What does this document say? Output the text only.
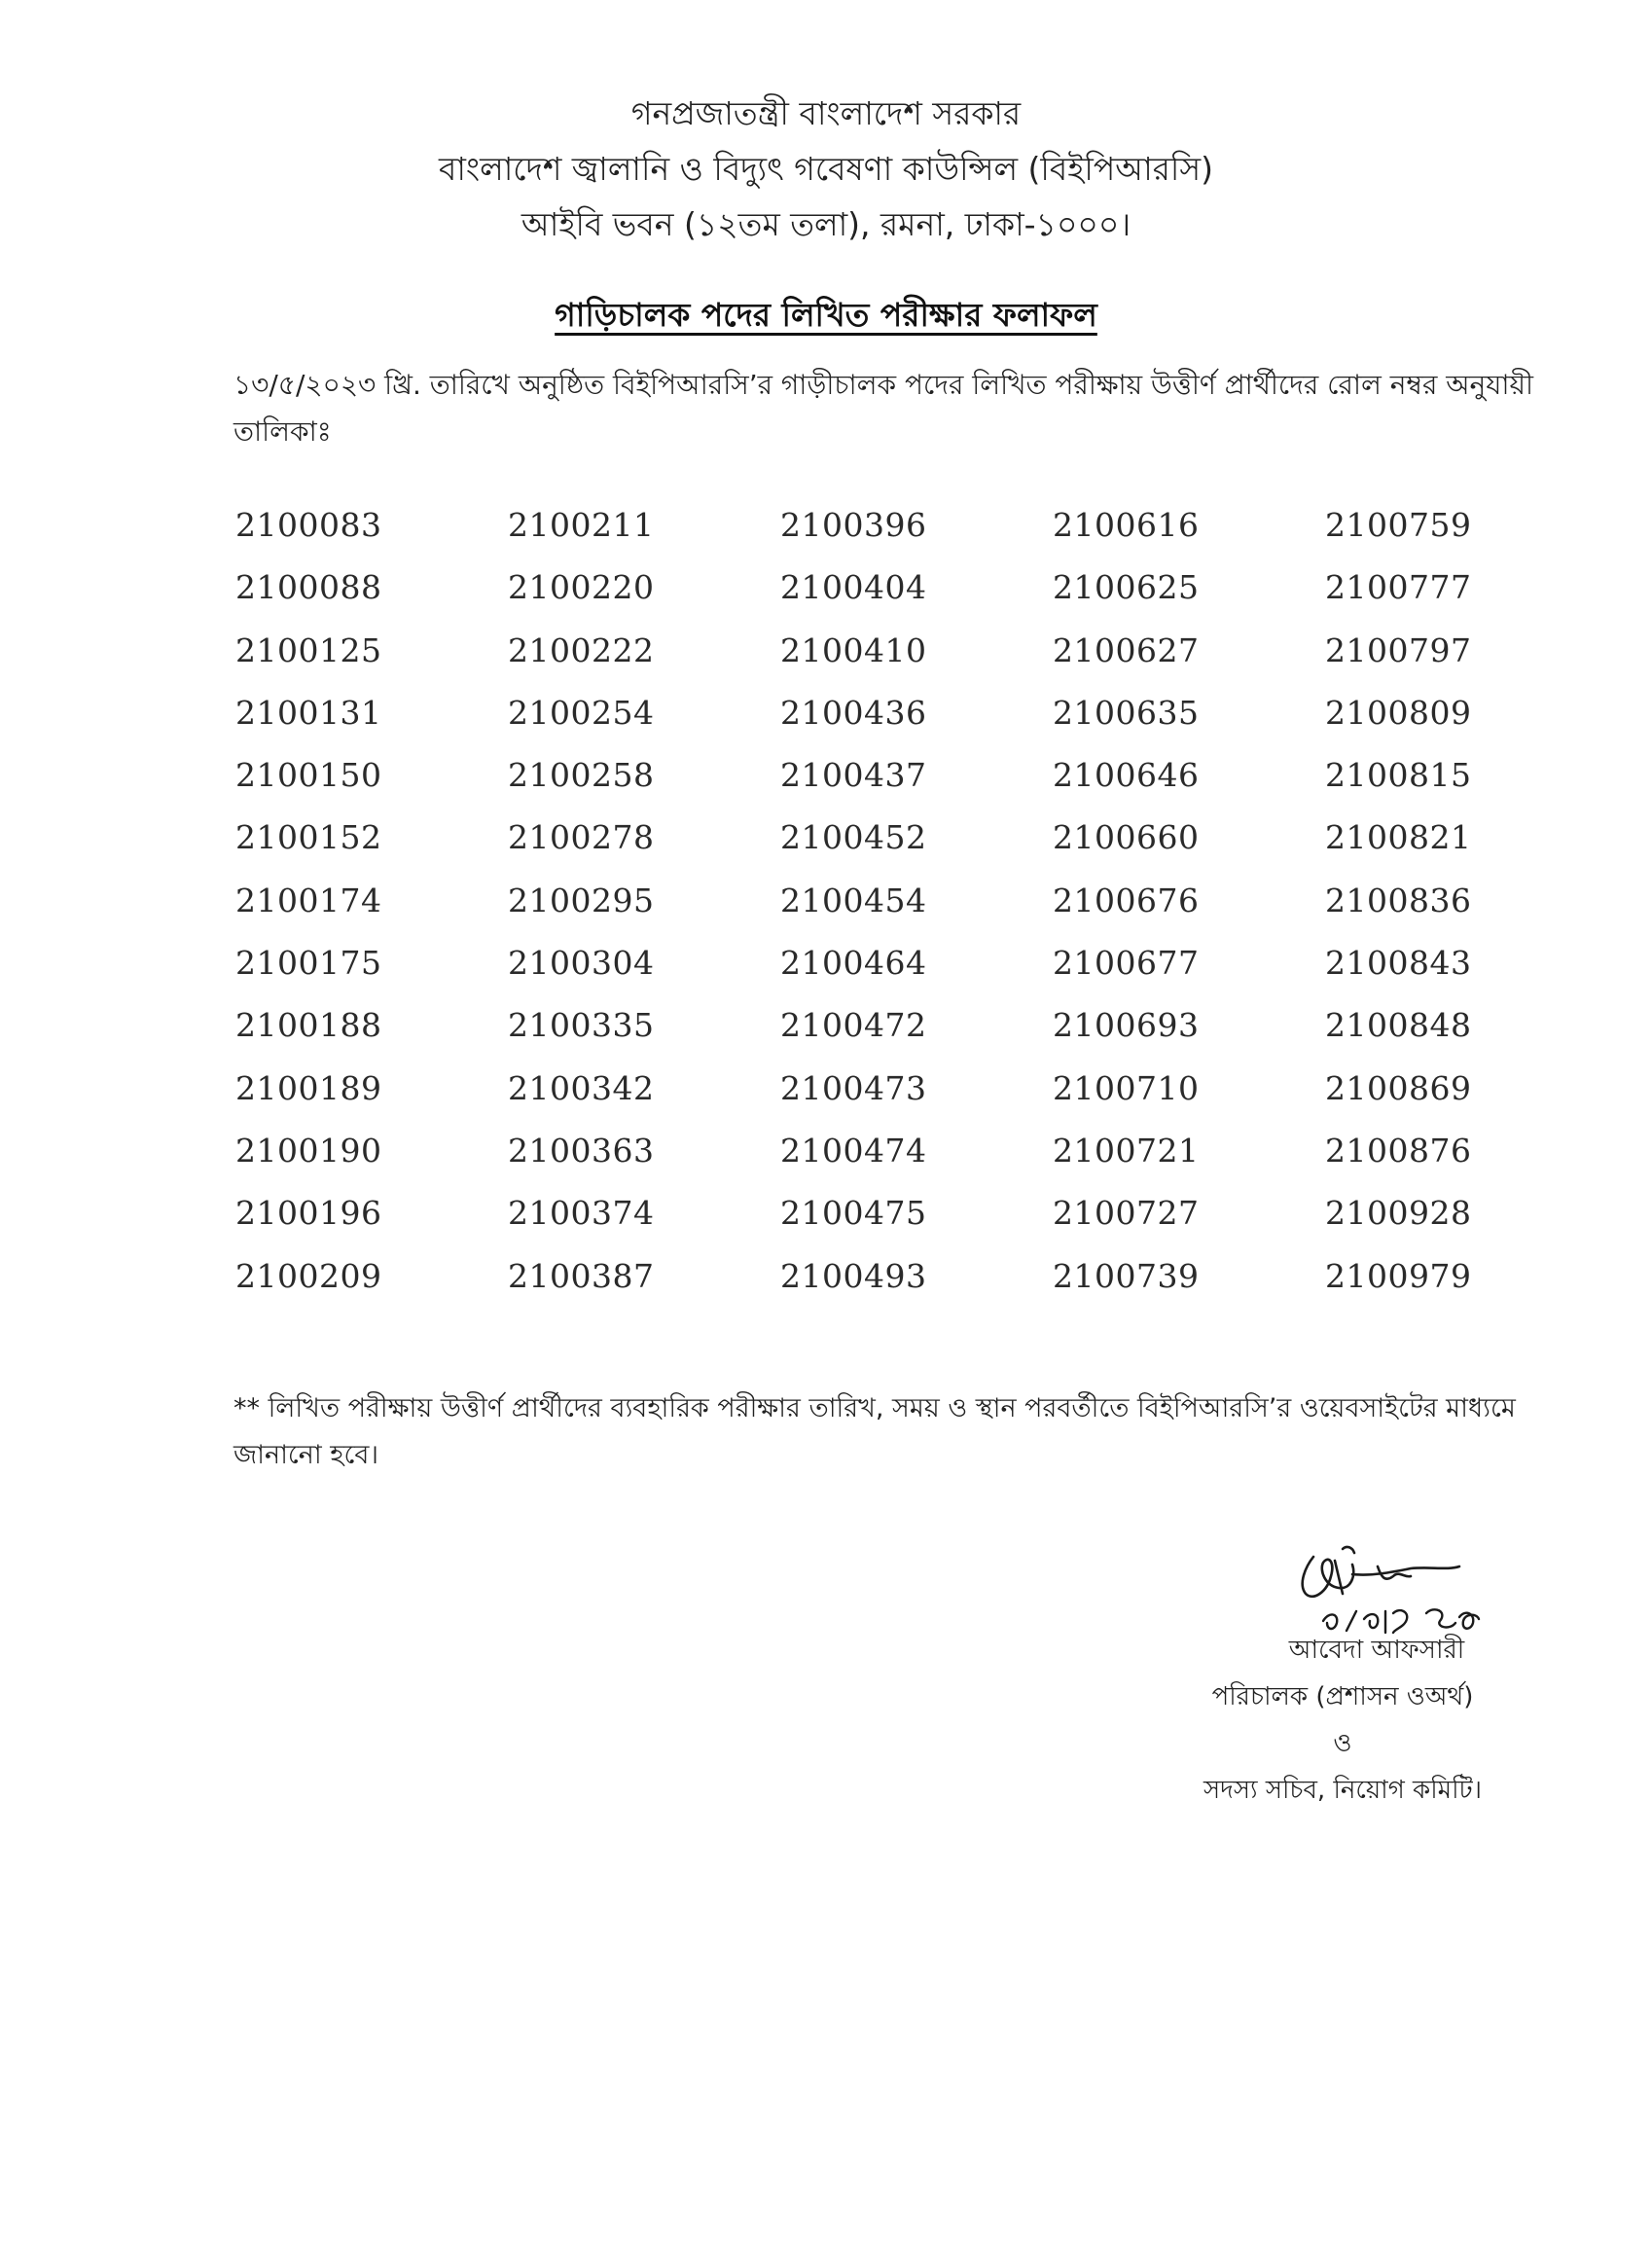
গনপ্রজাতন্ত্রী বাংলাদেশ সরকার
বাংলাদেশ জ্বালানি ও বিদ্যুৎ গবেষণা কাউন্সিল (বিইপিআরসি)
আইবি ভবন (১২তম তলা), রমনা, ঢাকা-১০০০।
গাড়িচালক পদের লিখিত পরীক্ষার ফলাফল
১৩/৫/২০২৩ খ্রি. তারিখে অনুষ্ঠিত বিইপিআরসি’র গাড়ীচালক পদের লিখিত পরীক্ষায় উত্তীর্ণ প্রার্থীদের রোল নম্বর অনুযায়ী তালিকাঃ
2100083
2100088
2100125
2100131
2100150
2100152
2100174
2100175
2100188
2100189
2100190
2100196
2100209
2100211
2100220
2100222
2100254
2100258
2100278
2100295
2100304
2100335
2100342
2100363
2100374
2100387
2100396
2100404
2100410
2100436
2100437
2100452
2100454
2100464
2100472
2100473
2100474
2100475
2100493
2100616
2100625
2100627
2100635
2100646
2100660
2100676
2100677
2100693
2100710
2100721
2100727
2100739
2100759
2100777
2100797
2100809
2100815
2100821
2100836
2100843
2100848
2100869
2100876
2100928
2100979
** লিখিত পরীক্ষায় উত্তীর্ণ প্রার্থীদের ব্যবহারিক পরীক্ষার তারিখ, সময় ও স্থান পরবর্তীতে বিইপিআরসি’র ওয়েবসাইটের মাধ্যমে জানানো হবে।
আবেদা আফসারী
পরিচালক (প্রশাসন ওঅর্থ)
ও
সদস্য সচিব, নিয়োগ কমিটি।
